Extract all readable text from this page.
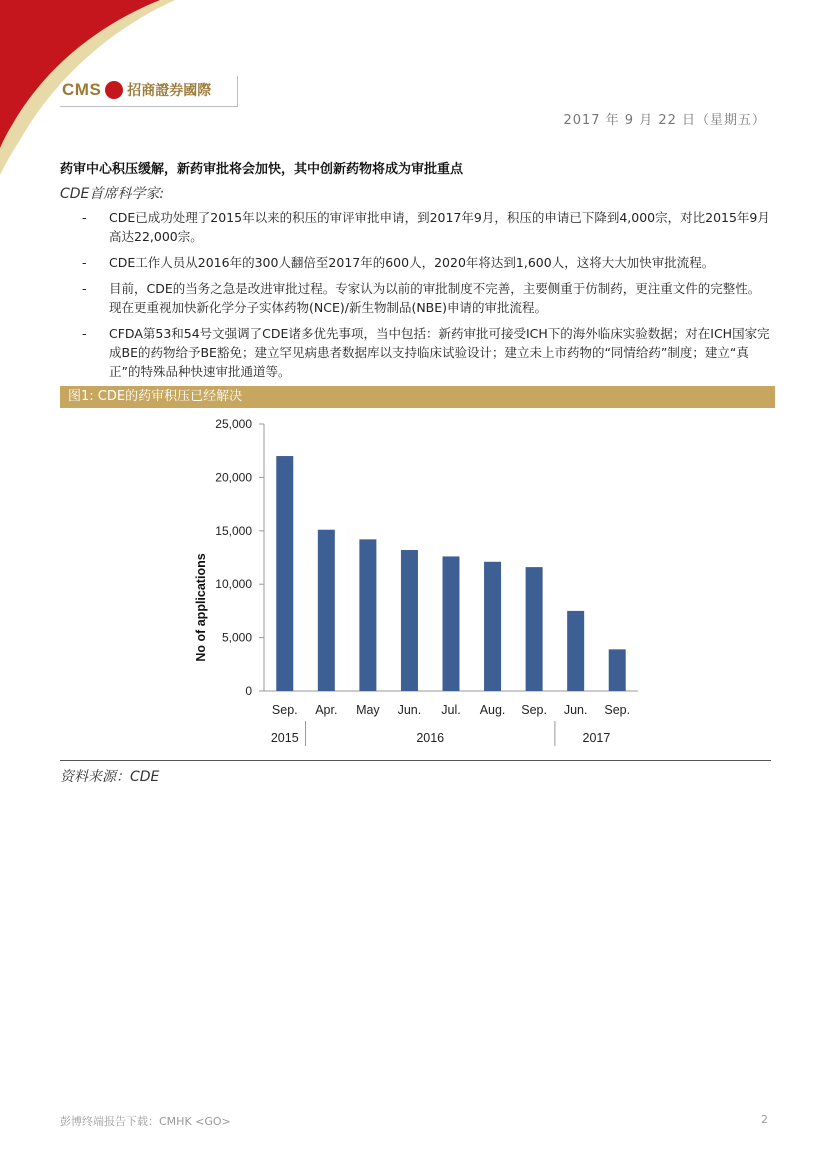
CMS 招商證券國際
2017 年 9 月 22 日（星期五）
药审中心积压缓解，新药审批将会加快，其中创新药物将成为审批重点
CDE首席科学家:
- CDE已成功处理了2015年以来的积压的审评审批申请，到2017年9月，积压的申请已下降到4,000宗，对比2015年9月高达22,000宗。
- CDE工作人员从2016年的300人翻倍至2017年的600人，2020年将达到1,600人，这将大大加快审批流程。
- 目前，CDE的当务之急是改进审批过程。专家认为以前的审批制度不完善，主要侧重于仿制药，更注重文件的完整性。现在更重视加快新化学分子实体药物(NCE)/新生物制品(NBE)申请的审批流程。
- CFDA第53和54号文强调了CDE诸多优先事项，当中包括：新药审批可接受ICH下的海外临床实验数据；对在ICH国家完成BE的药物给予BE豁免；建立罕见病患者数据库以支持临床试验设计；建立未上市药物的“同情给药”制度；建立“真正”的特殊品种快速审批通道等。
图1: CDE的药审积压已经解决
0
5,000
10,000
15,000
20,000
25,000
No of applications
Sep. Apr. May Jun. Jul. Aug. Sep. Jun. Sep.
2015	2016	2017
资料来源：CDE
彭博终端报告下载：CMHK <GO>	2
